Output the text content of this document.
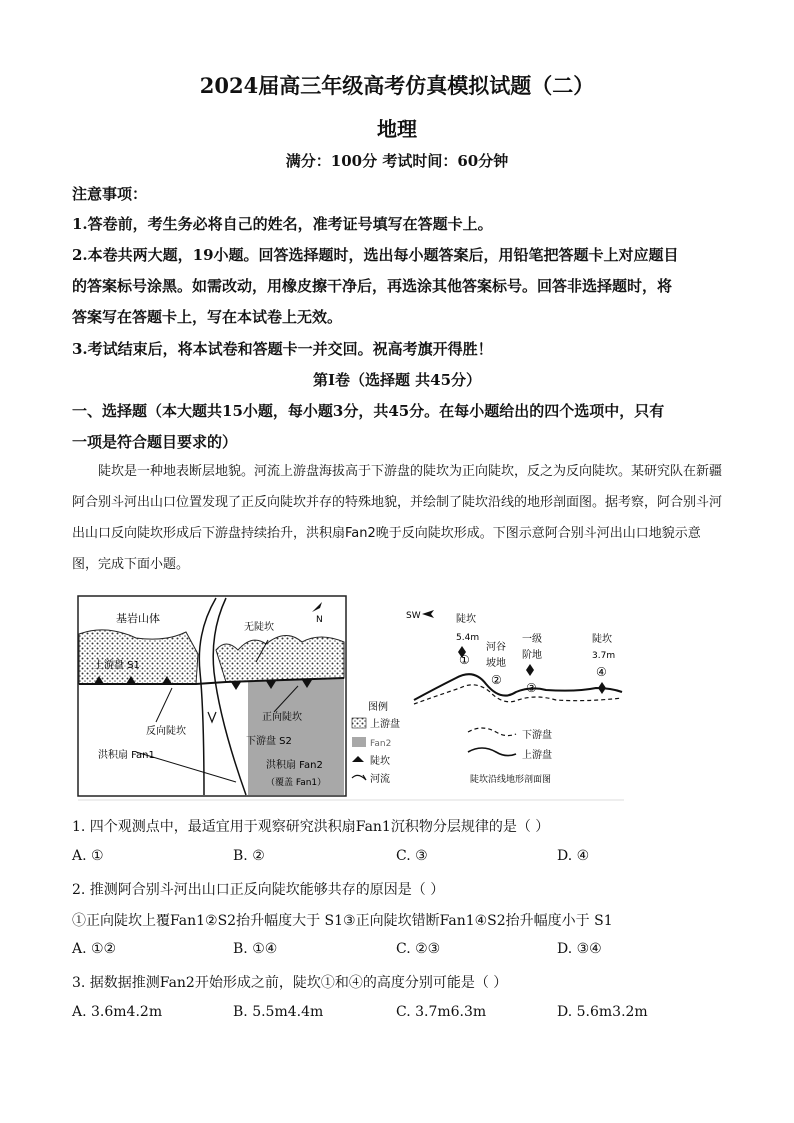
2024届高三年级高考仿真模拟试题（二）
地理
满分：100分 考试时间：60分钟
注意事项：
1.答卷前，考生务必将自己的姓名，准考证号填写在答题卡上。
2.本卷共两大题，19小题。回答选择题时，选出每小题答案后，用铅笔把答题卡上对应题目
的答案标号涂黑。如需改动，用橡皮擦干净后，再选涂其他答案标号。回答非选择题时，将
答案写在答题卡上，写在本试卷上无效。
3.考试结束后，将本试卷和答题卡一并交回。祝高考旗开得胜！
第Ⅰ卷（选择题 共45分）
一、选择题（本大题共15小题，每小题3分，共45分。在每小题给出的四个选项中，只有
一项是符合题目要求的）
陡坎是一种地表断层地貌。河流上游盘海拔高于下游盘的陡坎为正向陡坎，反之为反向陡坎。某研究队在新疆阿合别斗河出山口位置发现了正反向陡坎并存的特殊地貌，并绘制了陡坎沿线的地形剖面图。据考察，阿合别斗河出山口反向陡坎形成后下游盘持续抬升，洪积扇Fan2晚于反向陡坎形成。下图示意阿合别斗河出山口地貌示意图，完成下面小题。
N
基岩山体
无陡坎
上游盘 S1
反向陡坎
正向陡坎
下游盘 S2
洪积扇 Fan1
洪积扇 Fan2
（覆盖 Fan1）
图例
上游盘
Fan2
陡坎
河流
SW	陡坎
5.4m
①
河谷
坡地
②
一级
阶地
③
陡坎
3.7m
④
下游盘
上游盘
陡坎沿线地形剖面图
1. 四个观测点中，最适宜用于观察研究洪积扇Fan1沉积物分层规律的是（ ）
A. ①	B. ②	C. ③	D. ④
2. 推测阿合别斗河出山口正反向陡坎能够共存的原因是（ ）
①正向陡坎上覆Fan1②S2抬升幅度大于 S1③正向陡坎错断Fan1④S2抬升幅度小于 S1
A. ①②	B. ①④	C. ②③	D. ③④
3. 据数据推测Fan2开始形成之前，陡坎①和④的高度分别可能是（ ）
A. 3.6m4.2m	B. 5.5m4.4m	C. 3.7m6.3m	D. 5.6m3.2m
